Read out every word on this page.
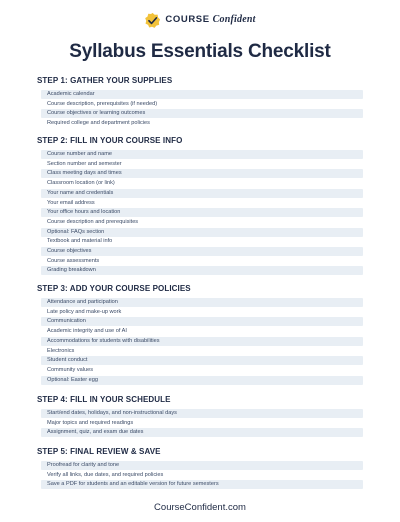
COURSE Confident
Syllabus Essentials Checklist
STEP 1: GATHER YOUR SUPPLIES
Academic calendar
Course description, prerequisites (if needed)
Course objectives or learning outcomes
Required college and department policies
STEP 2: FILL IN YOUR COURSE INFO
Course number and name
Section number and semester
Class meeting days and times
Classroom location (or link)
Your name and credentials
Your email address
Your office hours and location
Course description and prerequisites
Optional: FAQs section
Textbook and material info
Course objectives
Course assessments
Grading breakdown
STEP 3: ADD YOUR COURSE POLICIES
Attendance and participation
Late policy and make-up work
Communication
Academic integrity and use of AI
Accommodations for students with disabilities
Electronics
Student conduct
Community values
Optional: Easter egg
STEP 4: FILL IN YOUR SCHEDULE
Start/end dates, holidays, and non-instructional days
Major topics and required readings
Assignment, quiz, and exam due dates
STEP 5: FINAL REVIEW & SAVE
Proofread for clarity and tone
Verify all links, due dates, and required policies
Save a PDF for students and an editable version for future semesters
CourseConfident.com
